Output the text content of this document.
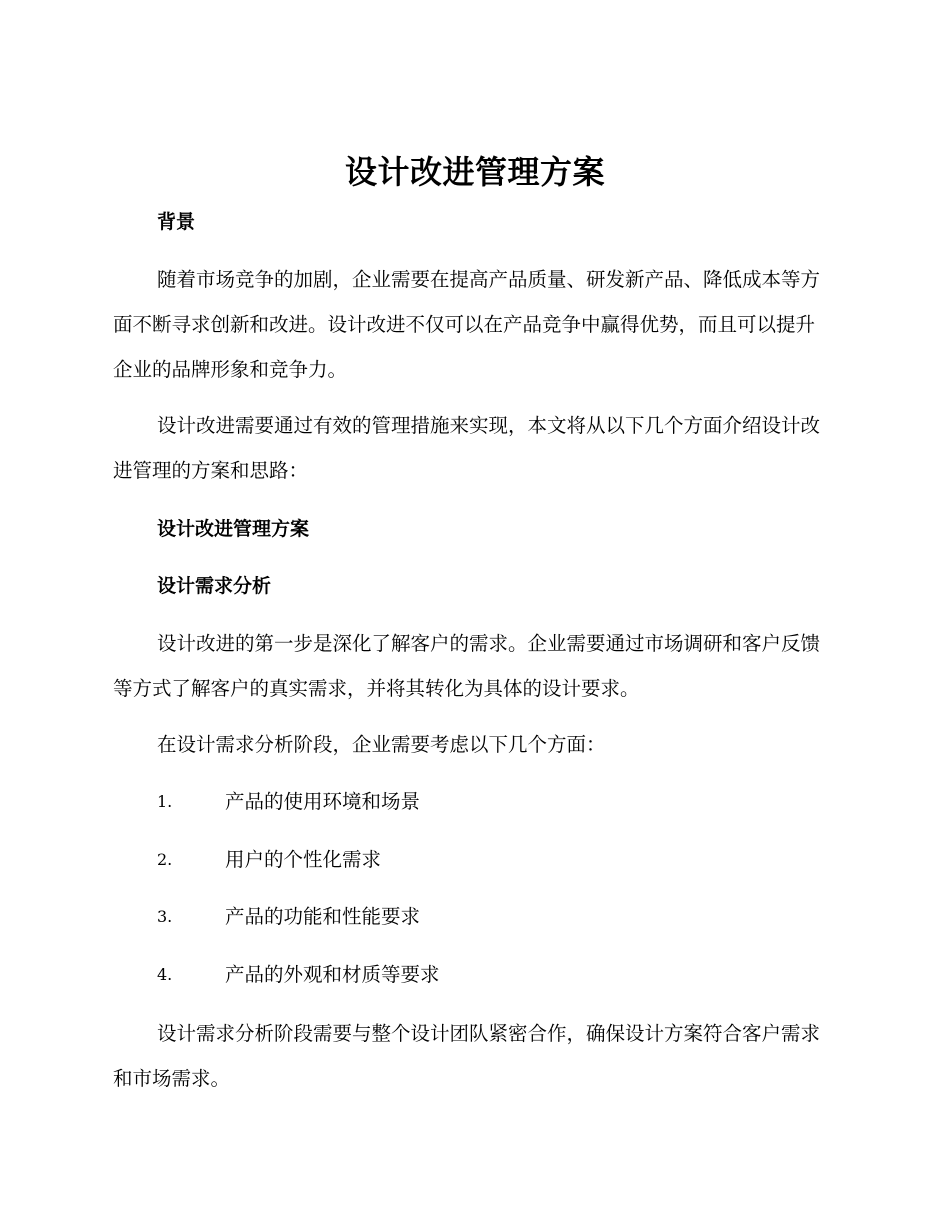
设计改进管理方案
背景

随着市场竞争的加剧，企业需要在提高产品质量、研发新产品、降低成本等方面不断寻求创新和改进。设计改进不仅可以在产品竞争中赢得优势，而且可以提升企业的品牌形象和竞争力。

设计改进需要通过有效的管理措施来实现，本文将从以下几个方面介绍设计改进管理的方案和思路：

设计改进管理方案
设计需求分析

设计改进的第一步是深化了解客户的需求。企业需要通过市场调研和客户反馈等方式了解客户的真实需求，并将其转化为具体的设计要求。

在设计需求分析阶段，企业需要考虑以下几个方面：

1.	产品的使用环境和场景
2.	用户的个性化需求
3.	产品的功能和性能要求
4.	产品的外观和材质等要求

设计需求分析阶段需要与整个设计团队紧密合作，确保设计方案符合客户需求和市场需求。
